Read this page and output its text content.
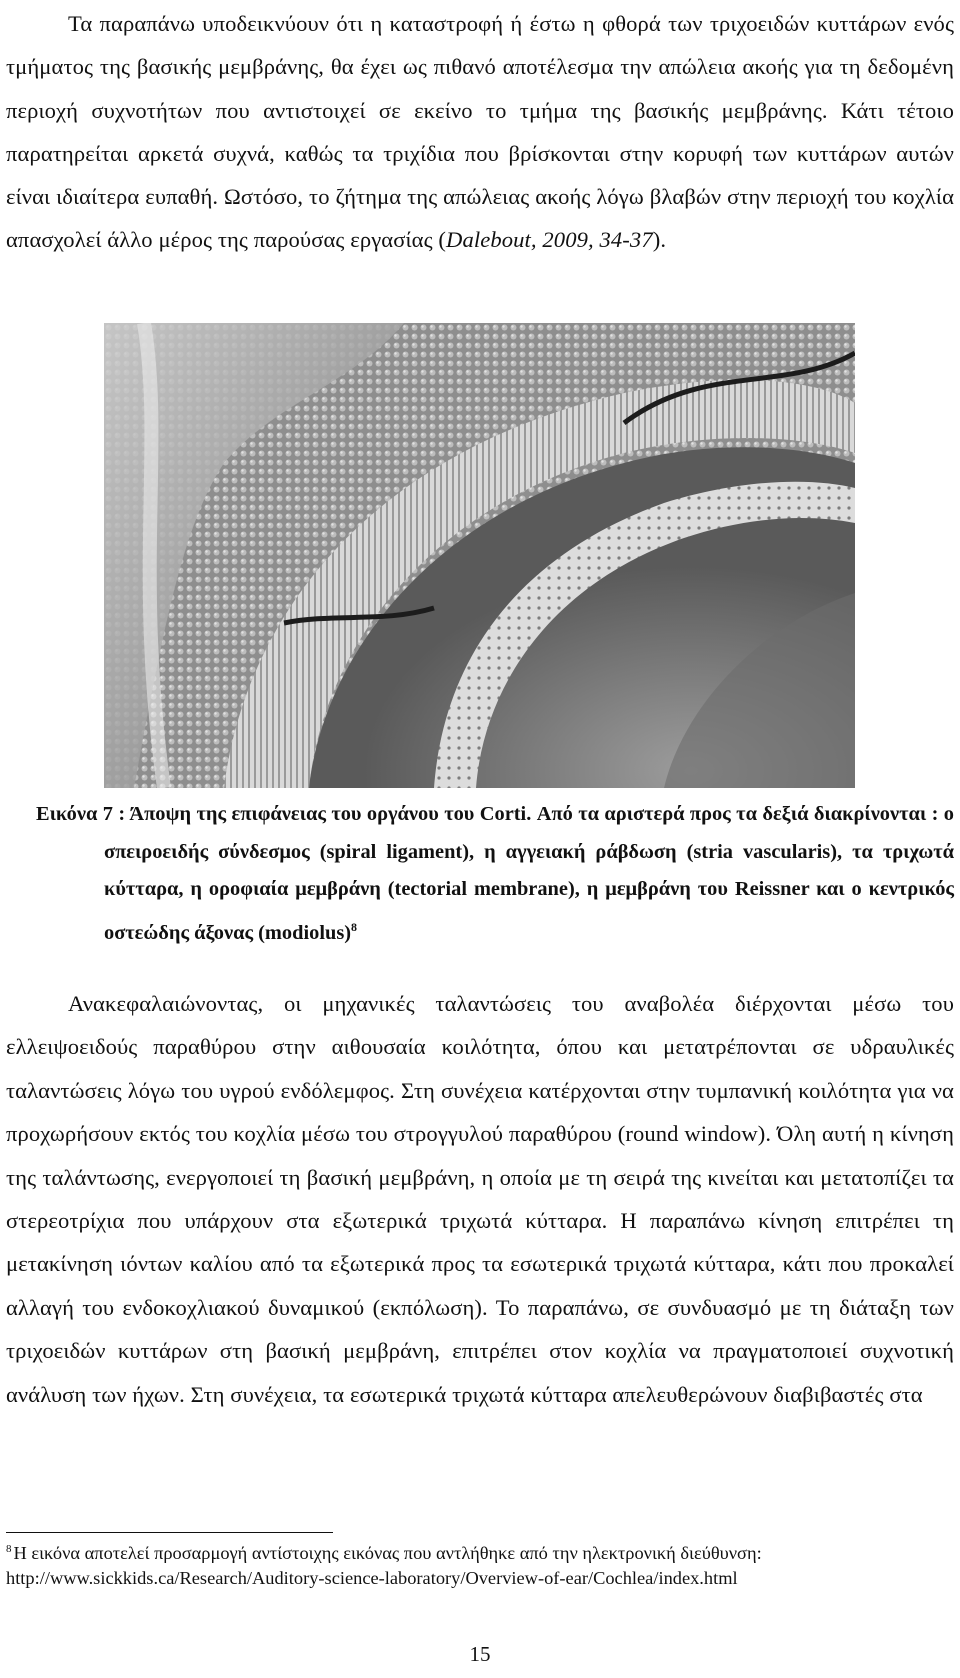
Τα παραπάνω υποδεικνύουν ότι η καταστροφή ή έστω η φθορά των τριχοειδών κυττάρων ενός τμήματος της βασικής μεμβράνης, θα έχει ως πιθανό αποτέλεσμα την απώλεια ακοής για τη δεδομένη περιοχή συχνοτήτων που αντιστοιχεί σε εκείνο το τμήμα της βασικής μεμβράνης. Κάτι τέτοιο παρατηρείται αρκετά συχνά, καθώς τα τριχίδια που βρίσκονται στην κορυφή των κυττάρων αυτών είναι ιδιαίτερα ευπαθή. Ωστόσο, το ζήτημα της απώλειας ακοής λόγω βλαβών στην περιοχή του κοχλία απασχολεί άλλο μέρος της παρούσας εργασίας (Dalebout, 2009, 34-37).

Εικόνα 7 : Άποψη της επιφάνειας του οργάνου του Corti. Από τα αριστερά προς τα δεξιά διακρίνονται : ο σπειροειδής σύνδεσμος (spiral ligament), η αγγειακή ράβδωση (stria vascularis), τα τριχωτά κύτταρα, η οροφιαία μεμβράνη (tectorial membrane), η μεμβράνη του Reissner και ο κεντρικός οστεώδης άξονας (modiolus)$^8$

Ανακεφαλαιώνοντας, οι μηχανικές ταλαντώσεις του αναβολέα διέρχονται μέσω του ελλειψοειδούς παραθύρου στην αιθουσαία κοιλότητα, όπου και μετατρέπονται σε υδραυλικές ταλαντώσεις λόγω του υγρού ενδόλεμφος. Στη συνέχεια κατέρχονται στην τυμπανική κοιλότητα για να προχωρήσουν εκτός του κοχλία μέσω του στρογγυλού παραθύρου (round window). Όλη αυτή η κίνηση της ταλάντωσης, ενεργοποιεί τη βασική μεμβράνη, η οποία με τη σειρά της κινείται και μετατοπίζει τα στερεοτρίχια που υπάρχουν στα εξωτερικά τριχωτά κύτταρα. Η παραπάνω κίνηση επιτρέπει τη μετακίνηση ιόντων καλίου από τα εξωτερικά προς τα εσωτερικά τριχωτά κύτταρα, κάτι που προκαλεί αλλαγή του ενδοκοχλιακού δυναμικού (εκπόλωση). Το παραπάνω, σε συνδυασμό με τη διάταξη των τριχοειδών κυττάρων στη βασική μεμβράνη, επιτρέπει στον κοχλία να πραγματοποιεί συχνοτική ανάλυση των ήχων. Στη συνέχεια, τα εσωτερικά τριχωτά κύτταρα απελευθερώνουν διαβιβαστές στα

$^8$ Η εικόνα αποτελεί προσαρμογή αντίστοιχης εικόνας που αντλήθηκε από την ηλεκτρονική διεύθυνση: http://www.sickkids.ca/Research/Auditory-science-laboratory/Overview-of-ear/Cochlea/index.html

15
